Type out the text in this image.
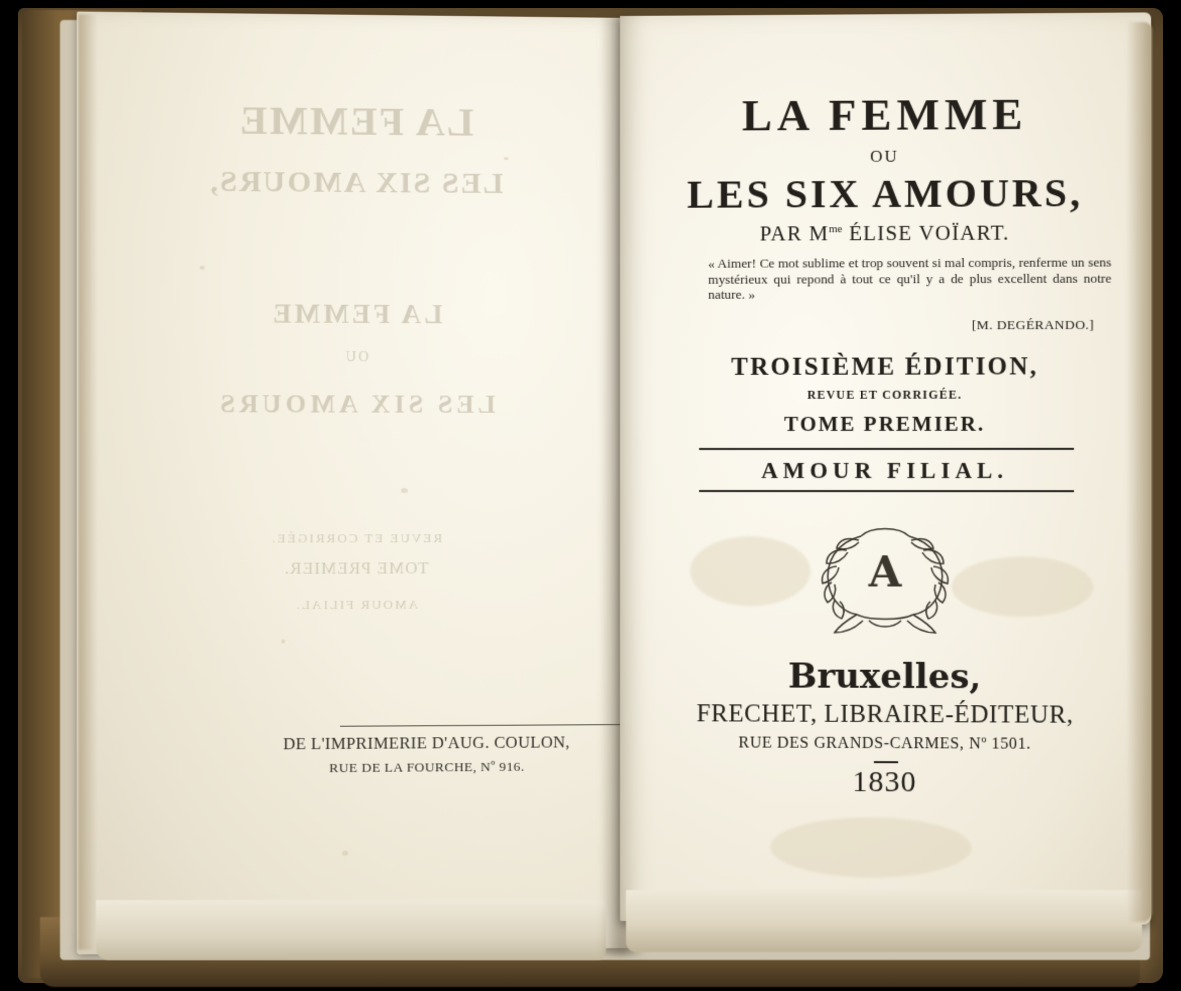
LA FEMME
LES SIX AMOURS,
LA FEMME
OU
LES SIX AMOURS
REVUE ET CORRIGÉE.
TOME PREMIER.
AMOUR FILIAL.
DE L'IMPRIMERIE D'AUG. COULON,
RUE DE LA FOURCHE, Nº 916.
LA FEMME
OU
LES SIX AMOURS,
PAR $M^{me}$ ÉLISE VOÏART.
« Aimer! Ce mot sublime et trop souvent si mal compris, renferme un sens mystérieux qui repond à tout ce qu'il y a de plus excellent dans notre nature. »
[M. DEGÉRANDO.]
TROISIÈME ÉDITION,
REVUE ET CORRIGÉE.
TOME PREMIER.
AMOUR FILIAL.
A
Bruxelles,
FRECHET, LIBRAIRE-ÉDITEUR,
RUE DES GRANDS-CARMES, Nº 1501.
1830
